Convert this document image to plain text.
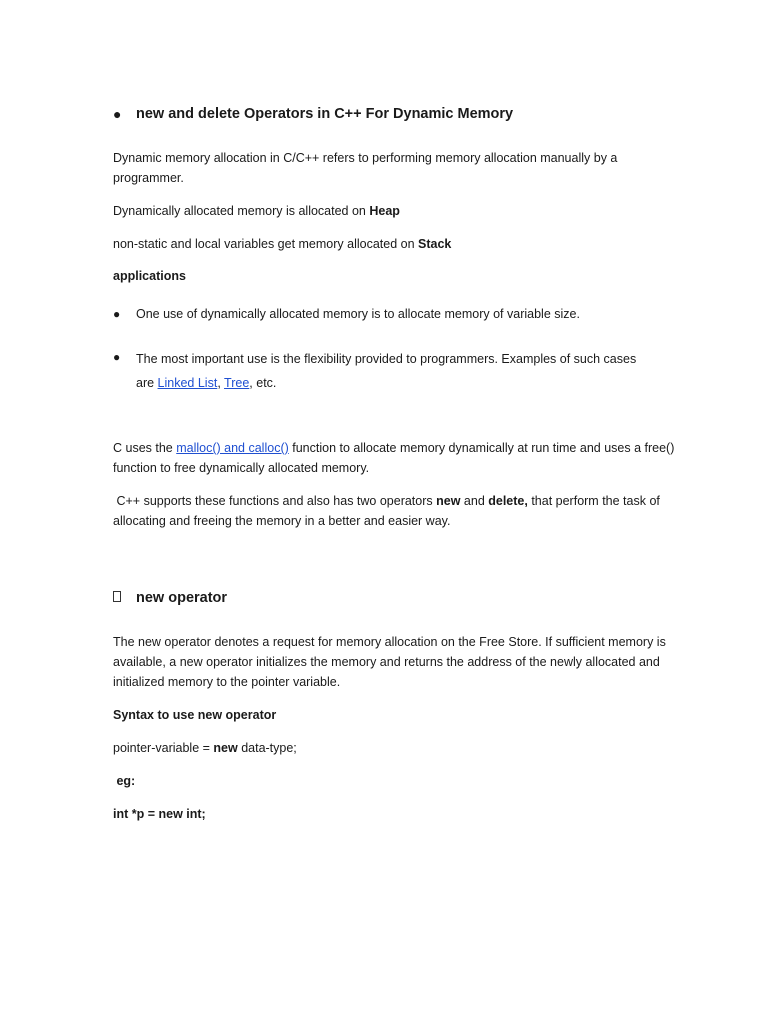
● new and delete Operators in C++ For Dynamic Memory

Dynamic memory allocation in C/C++ refers to performing memory allocation manually by a programmer.

Dynamically allocated memory is allocated on Heap

non-static and local variables get memory allocated on Stack

applications

● One use of dynamically allocated memory is to allocate memory of variable size.

● The most important use is the flexibility provided to programmers. Examples of such cases
are Linked List, Tree, etc.

C uses the malloc() and calloc() function to allocate memory dynamically at run time and uses a free() function to free dynamically allocated memory.

C++ supports these functions and also has two operators new and delete, that perform the task of allocating and freeing the memory in a better and easier way.

new operator

The new operator denotes a request for memory allocation on the Free Store. If sufficient memory is available, a new operator initializes the memory and returns the address of the newly allocated and initialized memory to the pointer variable.

Syntax to use new operator

pointer-variable = new data-type;

eg:

int *p = new int;
